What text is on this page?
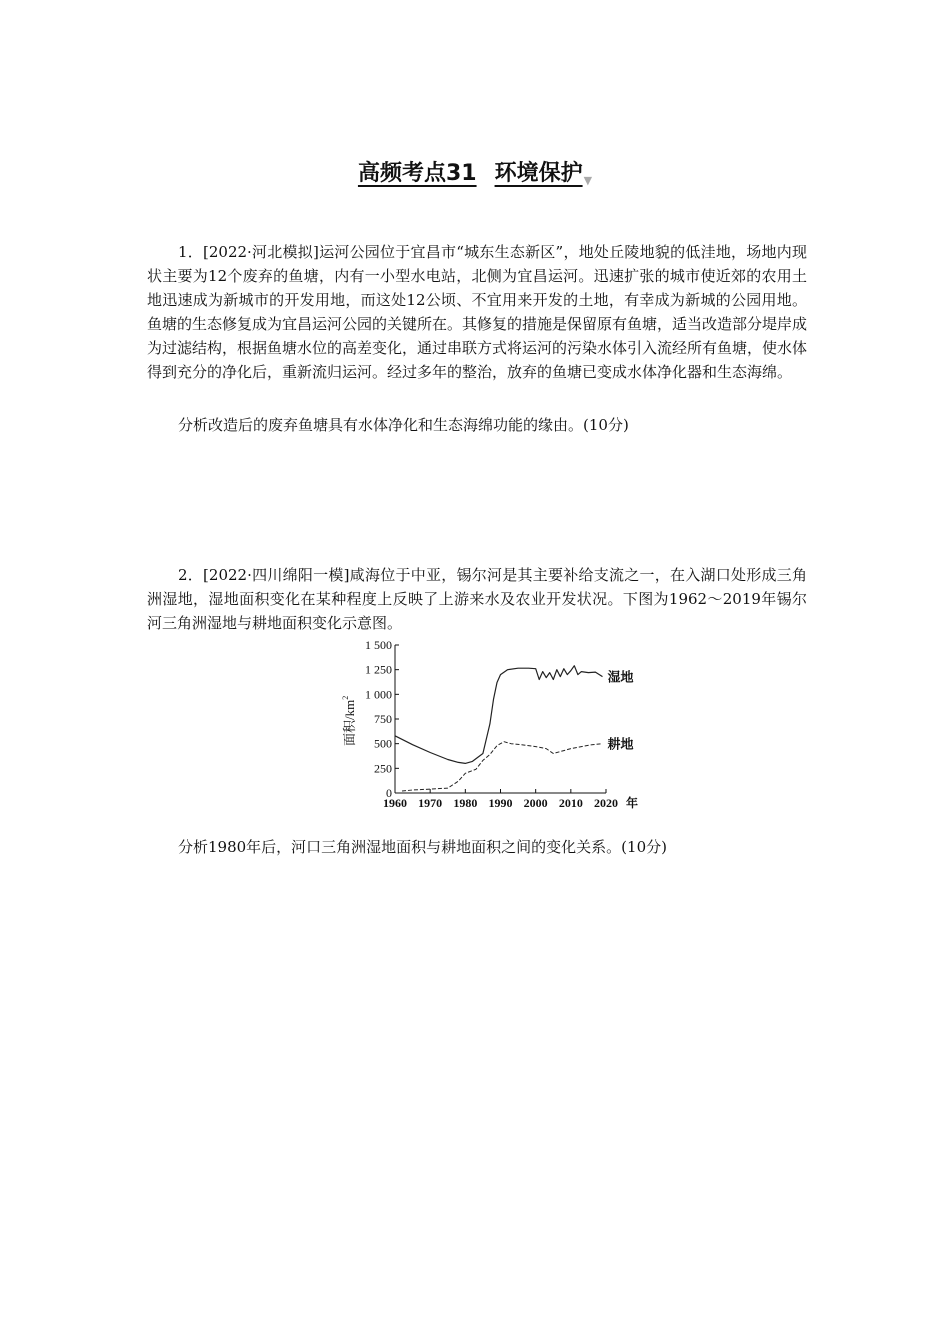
高频考点31 环境保护▼

1．[2022·河北模拟]运河公园位于宜昌市“城东生态新区”，地处丘陵地貌的低洼地，场地内现状主要为12个废弃的鱼塘，内有一小型水电站，北侧为宜昌运河。迅速扩张的城市使近郊的农用土地迅速成为新城市的开发用地，而这处12公顷、不宜用来开发的土地，有幸成为新城的公园用地。鱼塘的生态修复成为宜昌运河公园的关键所在。其修复的措施是保留原有鱼塘，适当改造部分堤岸成为过滤结构，根据鱼塘水位的高差变化，通过串联方式将运河的污染水体引入流经所有鱼塘，使水体得到充分的净化后，重新流归运河。经过多年的整治，放弃的鱼塘已变成水体净化器和生态海绵。

分析改造后的废弃鱼塘具有水体净化和生态海绵功能的缘由。(10分)

2．[2022·四川绵阳一模]咸海位于中亚，锡尔河是其主要补给支流之一，在入湖口处形成三角洲湿地，湿地面积变化在某种程度上反映了上游来水及农业开发状况。下图为1962～2019年锡尔河三角洲湿地与耕地面积变化示意图。

0
250
500
750
1 000
1 250
1 500
1960 1970 1980 1990 2000 2010 2020 年
湿地
耕地
面积$/km^2$

分析1980年后，河口三角洲湿地面积与耕地面积之间的变化关系。(10分)
